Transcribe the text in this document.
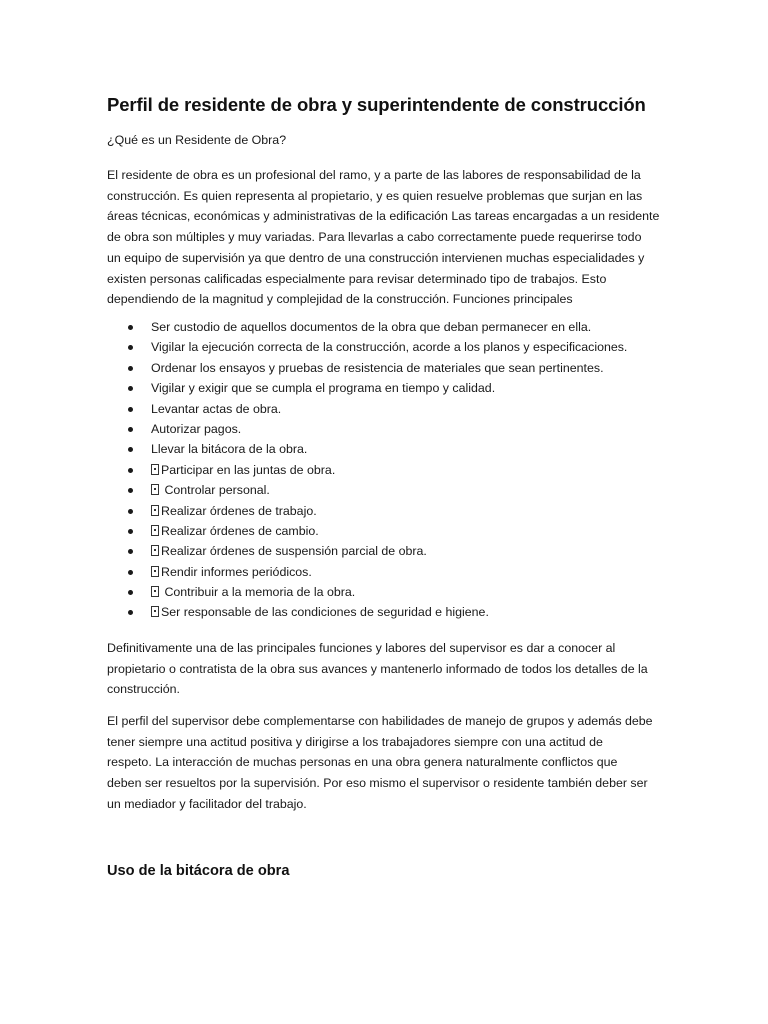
Perfil de residente de obra y superintendente de construcción

¿Qué es un Residente de Obra?

El residente de obra es un profesional del ramo, y a parte de las labores de responsabilidad de la
construcción. Es quien representa al propietario, y es quien resuelve problemas que surjan en las
áreas técnicas, económicas y administrativas de la edificación Las tareas encargadas a un residente
de obra son múltiples y muy variadas. Para llevarlas a cabo correctamente puede requerirse todo
un equipo de supervisión ya que dentro de una construcción intervienen muchas especialidades y
existen personas calificadas especialmente para revisar determinado tipo de trabajos. Esto
dependiendo de la magnitud y complejidad de la construcción. Funciones principales

Ser custodio de aquellos documentos de la obra que deban permanecer en ella.
Vigilar la ejecución correcta de la construcción, acorde a los planos y especificaciones.
Ordenar los ensayos y pruebas de resistencia de materiales que sean pertinentes.
Vigilar y exigir que se cumpla el programa en tiempo y calidad.
Levantar actas de obra.
Autorizar pagos.
Llevar la bitácora de la obra.
Participar en las juntas de obra.
Controlar personal.
Realizar órdenes de trabajo.
Realizar órdenes de cambio.
Realizar órdenes de suspensión parcial de obra.
Rendir informes periódicos.
Contribuir a la memoria de la obra.
Ser responsable de las condiciones de seguridad e higiene.

Definitivamente una de las principales funciones y labores del supervisor es dar a conocer al
propietario o contratista de la obra sus avances y mantenerlo informado de todos los detalles de la
construcción.

El perfil del supervisor debe complementarse con habilidades de manejo de grupos y además debe
tener siempre una actitud positiva y dirigirse a los trabajadores siempre con una actitud de
respeto. La interacción de muchas personas en una obra genera naturalmente conflictos que
deben ser resueltos por la supervisión. Por eso mismo el supervisor o residente también deber ser
un mediador y facilitador del trabajo.

Uso de la bitácora de obra
